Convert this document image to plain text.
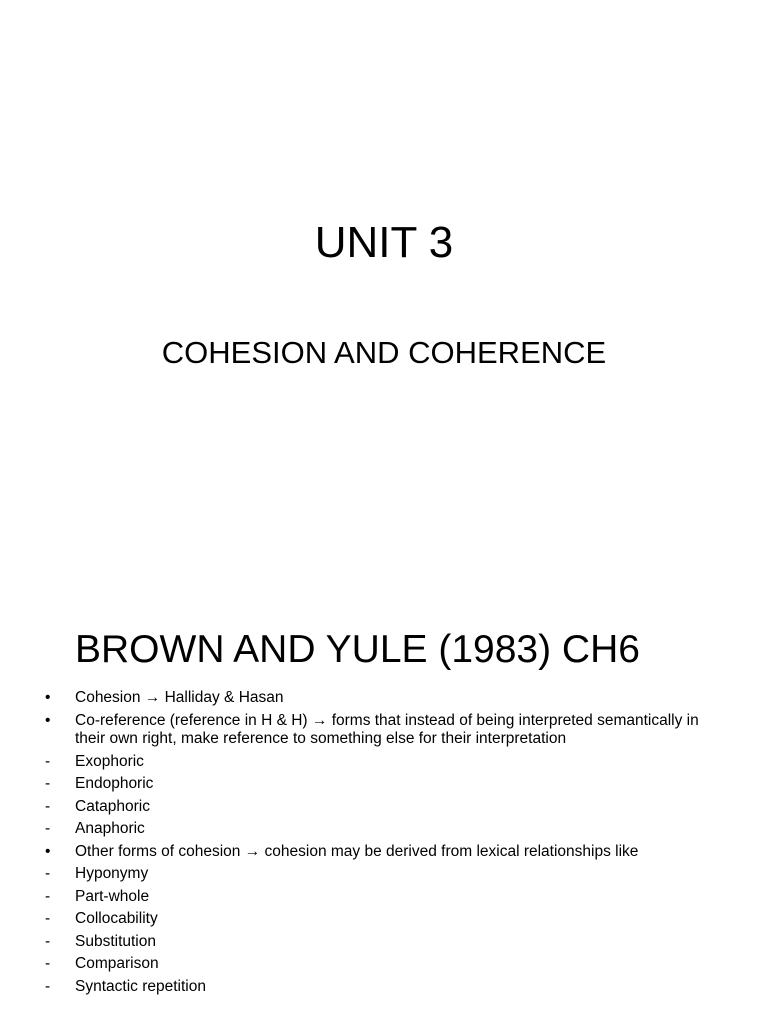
UNIT 3
COHESION AND COHERENCE
BROWN AND YULE (1983) CH6
•	Cohesion → Halliday & Hasan
•	Co-reference (reference in H & H) → forms that instead of being interpreted semantically in their own right, make reference to something else for their interpretation
-	Exophoric
-	Endophoric
-	Cataphoric
-	Anaphoric
•	Other forms of cohesion → cohesion may be derived from lexical relationships like
-	Hyponymy
-	Part-whole
-	Collocability
-	Substitution
-	Comparison
-	Syntactic repetition
